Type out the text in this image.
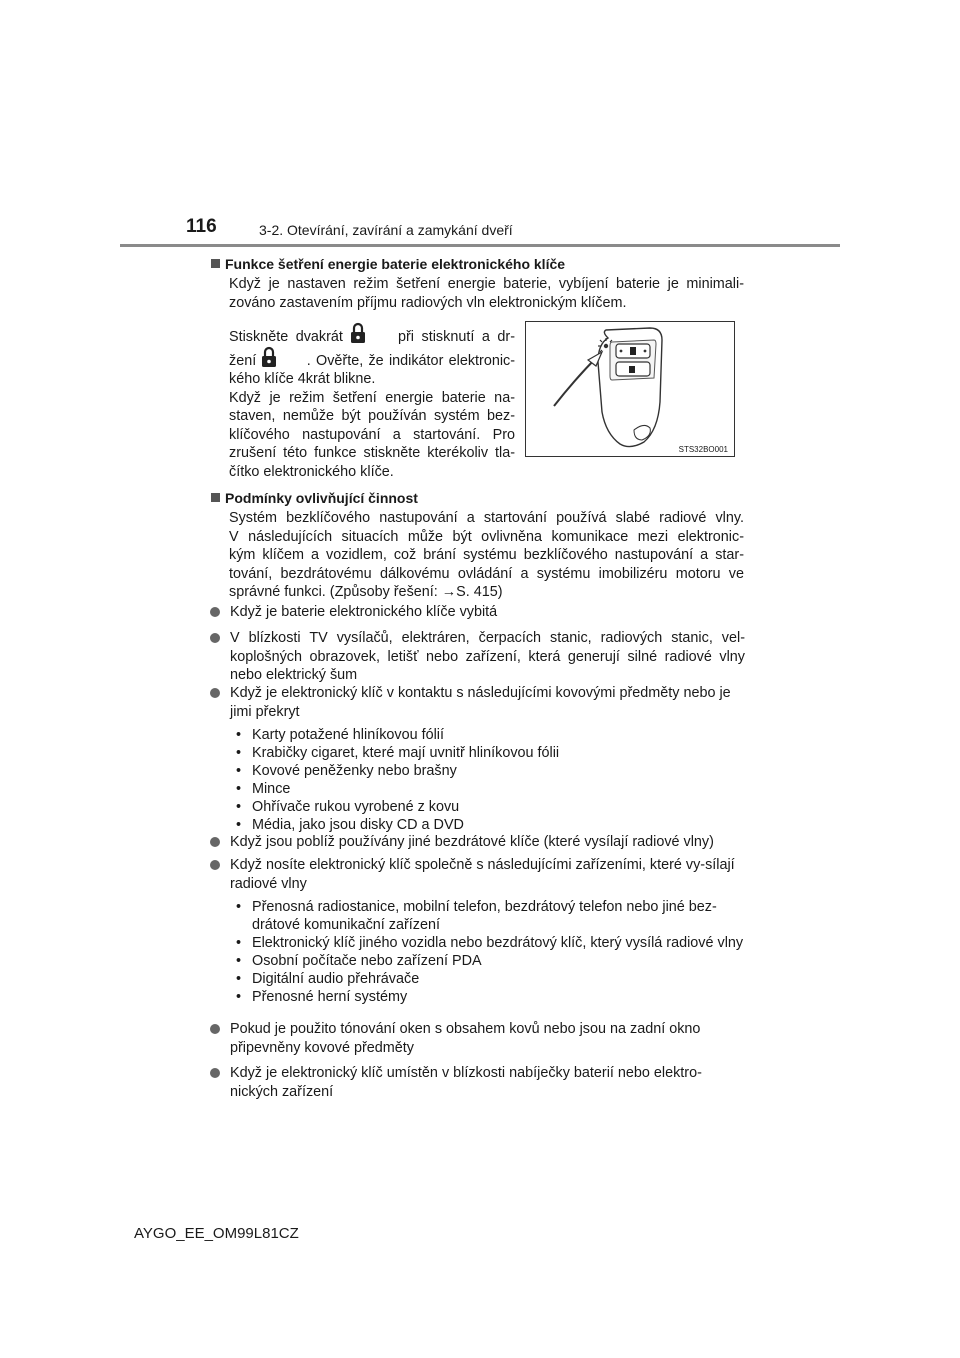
116	3-2. Otevírání, zavírání a zamykání dveří
Funkce šetření energie baterie elektronického klíče
Když je nastaven režim šetření energie baterie, vybíjení baterie je minimali-
zováno zastavením příjmu radiových vln elektronickým klíčem.
Stiskněte dvakrát	při stisknutí a dr-
žení	. Ověřte, že indikátor elektronic-
kého klíče 4krát blikne.
Když je režim šetření energie baterie na-
staven, nemůže být používán systém bez-
klíčového nastupování a startování. Pro
zrušení této funkce stiskněte kterékoliv tla-
čítko elektronického klíče.
STS32BO001
Podmínky ovlivňující činnost
Systém bezklíčového nastupování a startování používá slabé radiové vlny.
V následujících situacích může být ovlivněna komunikace mezi elektronic-
kým klíčem a vozidlem, což brání systému bezklíčového nastupování a star-
tování, bezdrátovému dálkovému ovládání a systému imobilizéru motoru ve
správné funkci. (Způsoby řešení: →S. 415)
Když je baterie elektronického klíče vybitá
V blízkosti TV vysílačů, elektráren, čerpacích stanic, radiových stanic, vel-koplošných obrazovek, letišť nebo zařízení, která generují silné radiové vlny nebo elektrický šum
Když je elektronický klíč v kontaktu s následujícími kovovými předměty nebo je jimi překryt
• Karty potažené hliníkovou fólií
• Krabičky cigaret, které mají uvnitř hliníkovou fólii
• Kovové peněženky nebo brašny
• Mince
• Ohřívače rukou vyrobené z kovu
• Média, jako jsou disky CD a DVD
Když jsou poblíž používány jiné bezdrátové klíče (které vysílají radiové vlny)
Když nosíte elektronický klíč společně s následujícími zařízeními, které vy-sílají radiové vlny
• Přenosná radiostanice, mobilní telefon, bezdrátový telefon nebo jiné bez-drátové komunikační zařízení
• Elektronický klíč jiného vozidla nebo bezdrátový klíč, který vysílá radiové vlny
• Osobní počítače nebo zařízení PDA
• Digitální audio přehrávače
• Přenosné herní systémy
Pokud je použito tónování oken s obsahem kovů nebo jsou na zadní okno připevněny kovové předměty
Když je elektronický klíč umístěn v blízkosti nabíječky baterií nebo elektro-nických zařízení
AYGO_EE_OM99L81CZ
